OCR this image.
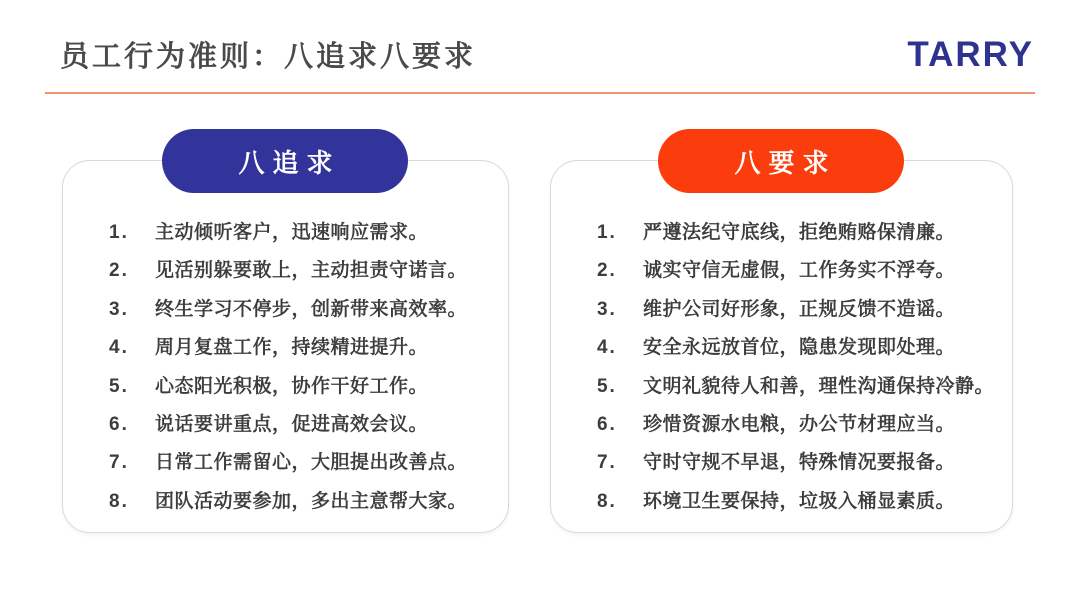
员工行为准则：八追求八要求	TARRY
八追求
1.	主动倾听客户，迅速响应需求。
2.	见活别躲要敢上，主动担责守诺言。
3.	终生学习不停步，创新带来高效率。
4.	周月复盘工作，持续精进提升。
5.	心态阳光积极，协作干好工作。
6.	说话要讲重点，促进高效会议。
7.	日常工作需留心，大胆提出改善点。
8.	团队活动要参加，多出主意帮大家。
八要求
1.	严遵法纪守底线，拒绝贿赂保清廉。
2.	诚实守信无虚假，工作务实不浮夸。
3.	维护公司好形象，正规反馈不造谣。
4.	安全永远放首位，隐患发现即处理。
5.	文明礼貌待人和善，理性沟通保持冷静。
6.	珍惜资源水电粮，办公节材理应当。
7.	守时守规不早退，特殊情况要报备。
8.	环境卫生要保持，垃圾入桶显素质。
